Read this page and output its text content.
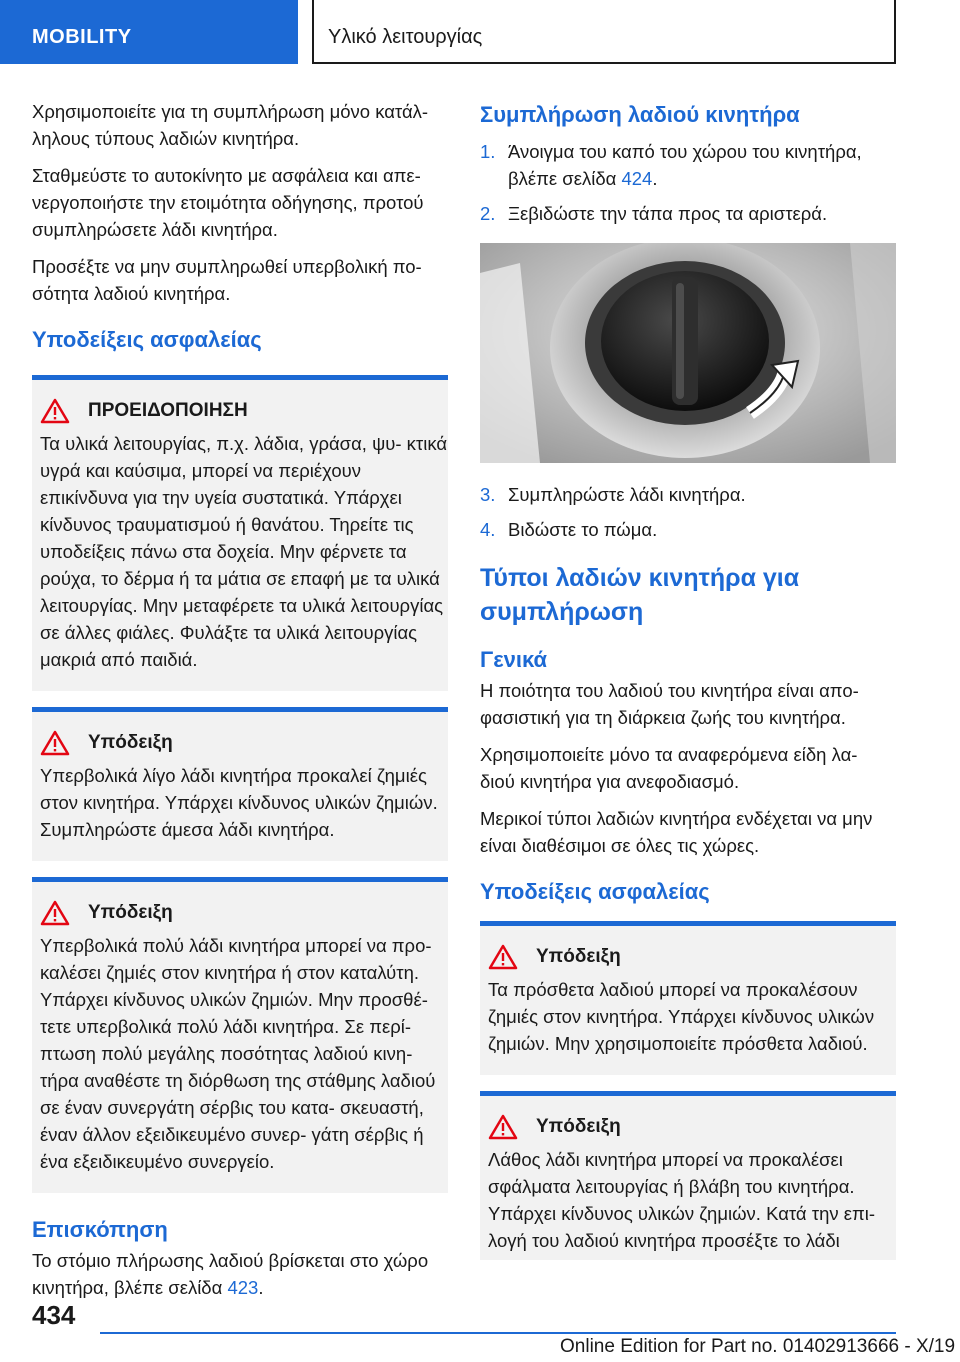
MOBILITY	Υλικό λειτουργίας

Χρησιμοποιείτε για τη συμπλήρωση μόνο κατάλ- ληλους τύπους λαδιών κινητήρα.

Σταθμεύστε το αυτοκίνητο με ασφάλεια και απε- νεργοποιήστε την ετοιμότητα οδήγησης, προτού συμπληρώσετε λάδι κινητήρα.

Προσέξτε να μην συμπληρωθεί υπερβολική πο- σότητα λαδιού κινητήρα.

Υποδείξεις ασφαλείας
ΠΡΟΕΙΔΟΠΟΙΗΣΗ
Τα υλικά λειτουργίας, π.χ. λάδια, γράσα, ψυ- κτικά υγρά και καύσιμα, μπορεί να περιέχουν επικίνδυνα για την υγεία συστατικά. Υπάρχει κίνδυνος τραυματισμού ή θανάτου. Τηρείτε τις υποδείξεις πάνω στα δοχεία. Μην φέρνετε τα ρούχα, το δέρμα ή τα μάτια σε επαφή με τα υλικά λειτουργίας. Μην μεταφέρετε τα υλικά λειτουργίας σε άλλες φιάλες. Φυλάξτε τα υλικά λειτουργίας μακριά από παιδιά.
Υπόδειξη
Υπερβολικά λίγο λάδι κινητήρα προκαλεί ζημιές στον κινητήρα. Υπάρχει κίνδυνος υλικών ζημιών. Συμπληρώστε άμεσα λάδι κινητήρα.
Υπόδειξη
Υπερβολικά πολύ λάδι κινητήρα μπορεί να προ- καλέσει ζημιές στον κινητήρα ή στον καταλύτη. Υπάρχει κίνδυνος υλικών ζημιών. Μην προσθέ- τετε υπερβολικά πολύ λάδι κινητήρα. Σε περί- πτωση πολύ μεγάλης ποσότητας λαδιού κινη- τήρα αναθέστε τη διόρθωση της στάθμης λαδιού σε έναν συνεργάτη σέρβις του κατα- σκευαστή, έναν άλλον εξειδικευμένο συνερ- γάτη σέρβις ή ένα εξειδικευμένο συνεργείο.
Επισκόπηση

Το στόμιο πλήρωσης λαδιού βρίσκεται στο χώρο κινητήρα, βλέπε σελίδα 423.

Συμπλήρωση λαδιού κινητήρα
1. Άνοιγμα του καπό του χώρου του κινητήρα, βλέπε σελίδα 424.
2. Ξεβιδώστε την τάπα προς τα αριστερά.
3. Συμπληρώστε λάδι κινητήρα.
4. Βιδώστε το πώμα.
Τύποι λαδιών κινητήρα για συμπλήρωση
Γενικά

Η ποιότητα του λαδιού του κινητήρα είναι απο- φασιστική για τη διάρκεια ζωής του κινητήρα.

Χρησιμοποιείτε μόνο τα αναφερόμενα είδη λα- διού κινητήρα για ανεφοδιασμό.

Μερικοί τύποι λαδιών κινητήρα ενδέχεται να μην είναι διαθέσιμοι σε όλες τις χώρες.

Υποδείξεις ασφαλείας
Υπόδειξη
Τα πρόσθετα λαδιού μπορεί να προκαλέσουν ζημιές στον κινητήρα. Υπάρχει κίνδυνος υλικών ζημιών. Μην χρησιμοποιείτε πρόσθετα λαδιού.
Υπόδειξη
Λάθος λάδι κινητήρα μπορεί να προκαλέσει σφάλματα λειτουργίας ή βλάβη του κινητήρα. Υπάρχει κίνδυνος υλικών ζημιών. Κατά την επι- λογή του λαδιού κινητήρα προσέξτε το λάδι
434
Online Edition for Part no. 01402913666 - X/19
